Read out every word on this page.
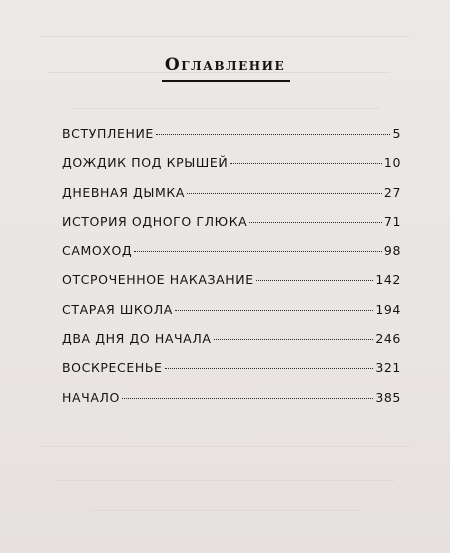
Оглавление
ВСТУПЛЕНИЕ	5
ДОЖДИК ПОД КРЫШЕЙ	10
ДНЕВНАЯ ДЫМКА	27
ИСТОРИЯ ОДНОГО ГЛЮКА	71
САМОХОД	98
ОТСРОЧЕННОЕ НАКАЗАНИЕ	142
СТАРАЯ ШКОЛА	194
ДВА ДНЯ ДО НАЧАЛА	246
ВОСКРЕСЕНЬЕ	321
НАЧАЛО	385
